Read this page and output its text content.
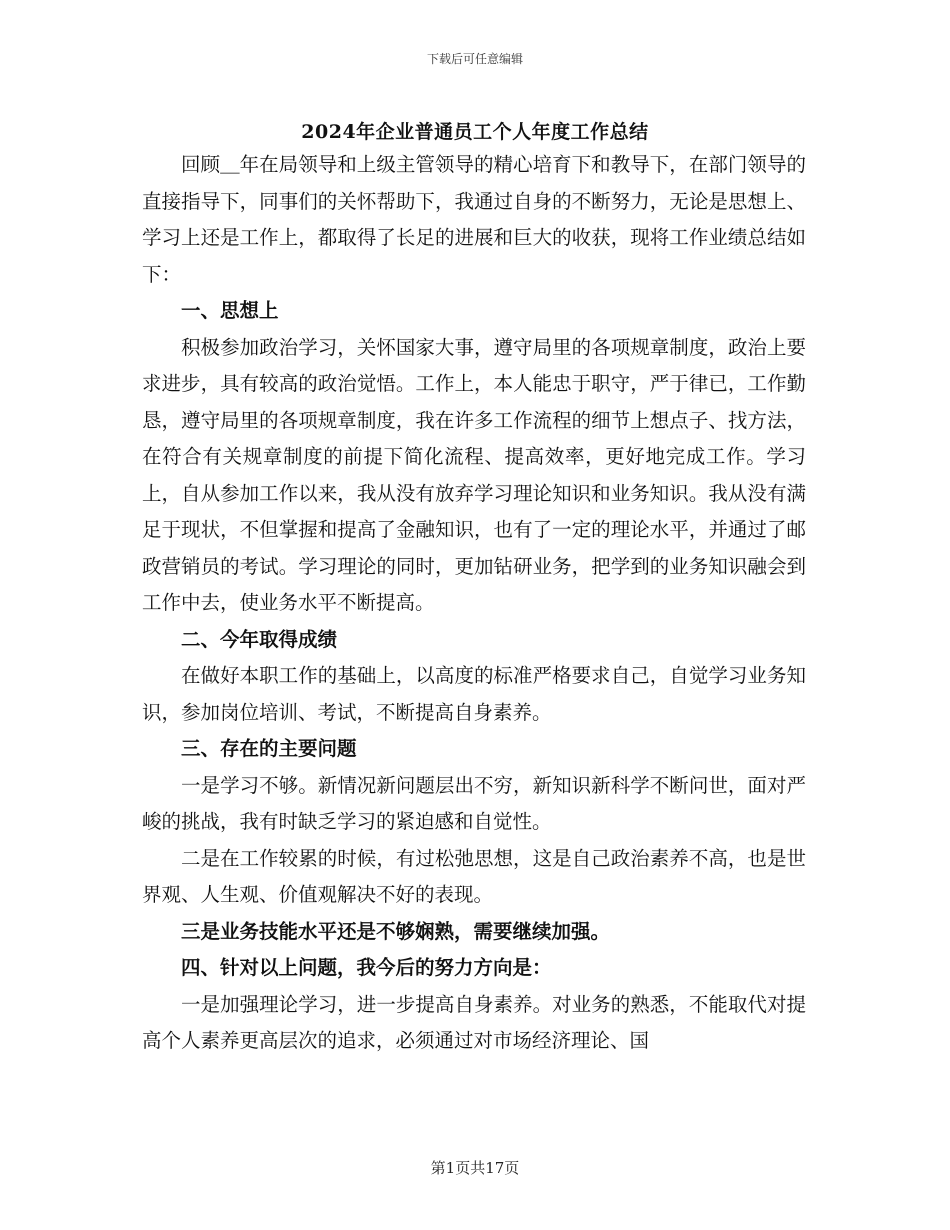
下载后可任意编辑
2024年企业普通员工个人年度工作总结

回顾＿年在局领导和上级主管领导的精心培育下和教导下，在部门领导的直接指导下，同事们的关怀帮助下，我通过自身的不断努力，无论是思想上、学习上还是工作上，都取得了长足的进展和巨大的收获，现将工作业绩总结如下：

一、思想上

积极参加政治学习，关怀国家大事，遵守局里的各项规章制度，政治上要求进步，具有较高的政治觉悟。工作上，本人能忠于职守，严于律已，工作勤恳，遵守局里的各项规章制度，我在许多工作流程的细节上想点子、找方法，在符合有关规章制度的前提下简化流程、提高效率，更好地完成工作。学习上，自从参加工作以来，我从没有放弃学习理论知识和业务知识。我从没有满足于现状，不但掌握和提高了金融知识，也有了一定的理论水平，并通过了邮政营销员的考试。学习理论的同时，更加钻研业务，把学到的业务知识融会到工作中去，使业务水平不断提高。

二、今年取得成绩

在做好本职工作的基础上，以高度的标准严格要求自己，自觉学习业务知识，参加岗位培训、考试，不断提高自身素养。

三、存在的主要问题

一是学习不够。新情况新问题层出不穷，新知识新科学不断问世，面对严峻的挑战，我有时缺乏学习的紧迫感和自觉性。

二是在工作较累的时候，有过松弛思想，这是自己政治素养不高，也是世界观、人生观、价值观解决不好的表现。

三是业务技能水平还是不够娴熟，需要继续加强。

四、针对以上问题，我今后的努力方向是：

一是加强理论学习，进一步提高自身素养。对业务的熟悉，不能取代对提高个人素养更高层次的追求，必须通过对市场经济理论、国

第1页共17页
